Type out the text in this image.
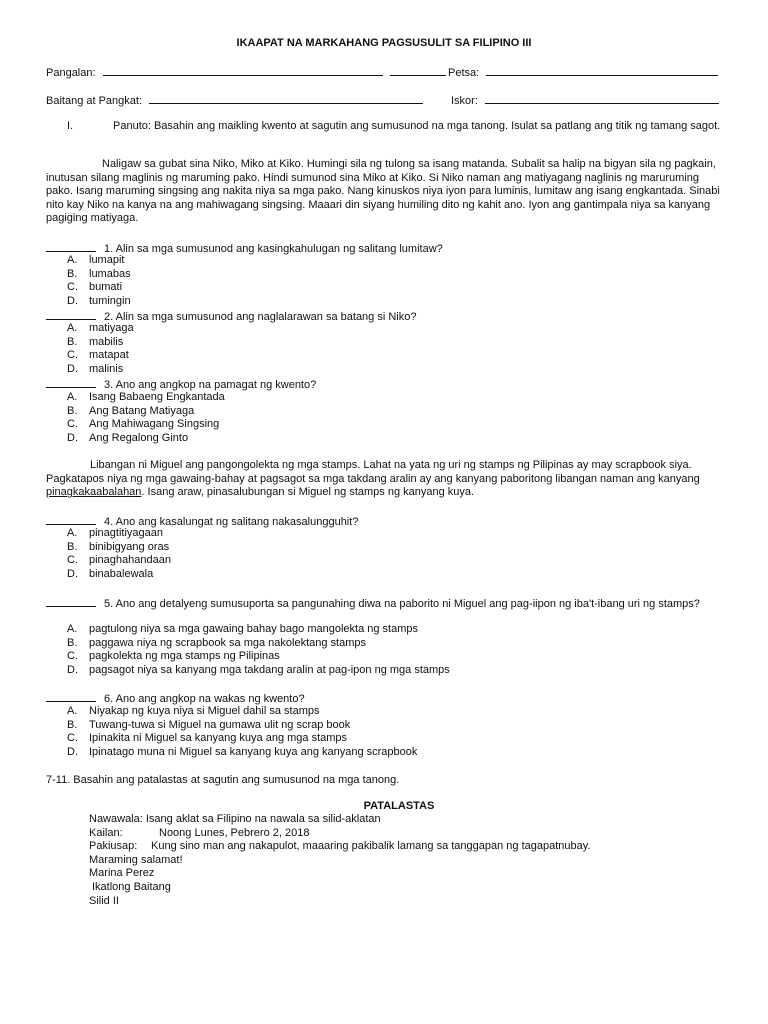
IKAAPAT NA MARKAHANG PAGSUSULIT SA FILIPINO III
Pangalan:	Petsa:
Baitang at Pangkat:	Iskor:
I.	Panuto: Basahin ang maikling kwento at sagutin ang sumusunod na mga tanong. Isulat sa patlang ang titik ng tamang sagot.
Naligaw sa gubat sina Niko, Miko at Kiko. Humingi sila ng tulong sa isang matanda. Subalit sa halip na bigyan sila ng pagkain, inutusan silang maglinis ng maruming pako. Hindi sumunod sina Miko at Kiko. Si Niko naman ang matiyagang naglinis ng maruruming pako. Isang maruming singsing ang nakita niya sa mga pako. Nang kinuskos niya iyon para luminis, lumitaw ang isang engkantada. Sinabi nito kay Niko na kanya na ang mahiwagang singsing. Maaari din siyang humiling dito ng kahit ano. Iyon ang gantimpala niya sa kanyang pagiging matiyaga.
1. Alin sa mga sumusunod ang kasingkahulugan ng salitang lumitaw?
A.	lumapit
B.	lumabas
C.	bumati
D.	tumingin
2. Alin sa mga sumusunod ang naglalarawan sa batang si Niko?
A.	matiyaga
B.	mabilis
C.	matapat
D.	malinis
3. Ano ang angkop na pamagat ng kwento?
A.	Isang Babaeng Engkantada
B.	Ang Batang Matiyaga
C.	Ang Mahiwagang Singsing
D.	Ang Regalong Ginto
Libangan ni Miguel ang pangongolekta ng mga stamps. Lahat na yata ng uri ng stamps ng Pilipinas ay may scrapbook siya. Pagkatapos niya ng mga gawaing-bahay at pagsagot sa mga takdang aralin ay ang kanyang paboritong libangan naman ang kanyang pinagkakaabalahan. Isang araw, pinasalubungan si Miguel ng stamps ng kanyang kuya.
4. Ano ang kasalungat ng salitang nakasalungguhit?
A.	pinagtitiyagaan
B.	binibigyang oras
C.	pinaghahandaan
D.	binabalewala
5. Ano ang detalyeng sumusuporta sa pangunahing diwa na paborito ni Miguel ang pag-iipon ng iba't-ibang uri ng stamps?
A.	pagtulong niya sa mga gawaing bahay bago mangolekta ng stamps
B.	paggawa niya ng scrapbook sa mga nakolektang stamps
C.	pagkolekta ng mga stamps ng Pilipinas
D.	pagsagot niya sa kanyang mga takdang aralin at pag-ipon ng mga stamps
6. Ano ang angkop na wakas ng kwento?
A.	Niyakap ng kuya niya si Miguel dahil sa stamps
B.	Tuwang-tuwa si Miguel na gumawa ulit ng scrap book
C.	Ipinakita ni Miguel sa kanyang kuya ang mga stamps
D.	Ipinatago muna ni Miguel sa kanyang kuya ang kanyang scrapbook
7-11. Basahin ang patalastas at sagutin ang sumusunod na mga tanong.
PATALASTAS
Nawawala: Isang aklat sa Filipino na nawala sa silid-aklatan
Kailan:	Noong Lunes, Pebrero 2, 2018
Pakiusap: Kung sino man ang nakapulot, maaaring pakibalik lamang sa tanggapan ng tagapatnubay.
Maraming salamat!
Marina Perez
Ikatlong Baitang
Silid II
